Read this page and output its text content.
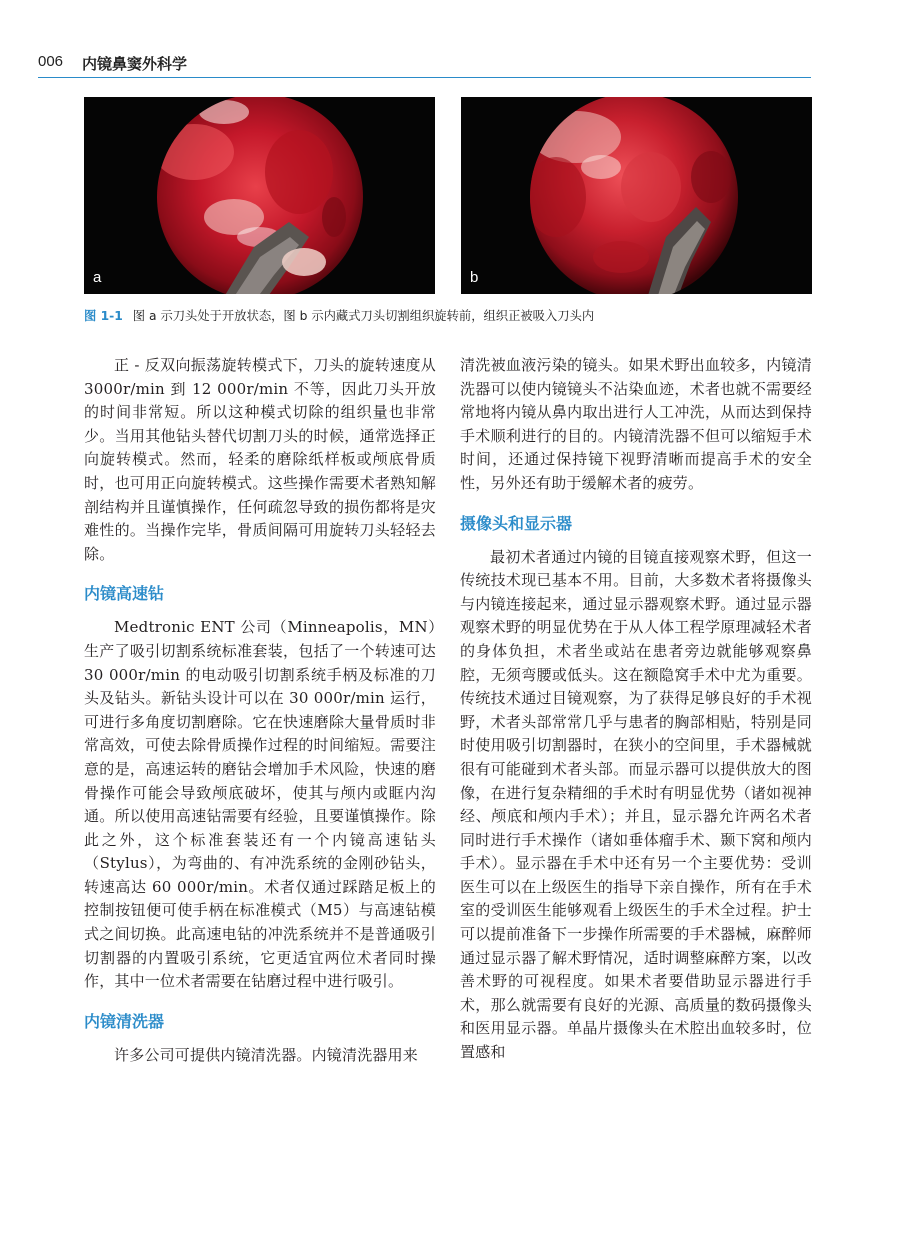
006 内镜鼻窦外科学
a	b
图 1-1 图 a 示刀头处于开放状态，图 b 示内藏式刀头切割组织旋转前，组织正被吸入刀头内

正 - 反双向振荡旋转模式下，刀头的旋转速度从 3000r/min 到 12 000r/min 不等，因此刀头开放的时间非常短。所以这种模式切除的组织量也非常少。当用其他钻头替代切割刀头的时候，通常选择正向旋转模式。然而，轻柔的磨除纸样板或颅底骨质时，也可用正向旋转模式。这些操作需要术者熟知解剖结构并且谨慎操作，任何疏忽导致的损伤都将是灾难性的。当操作完毕，骨质间隔可用旋转刀头轻轻去除。

内镜高速钻

Medtronic ENT 公司（Minneapolis，MN）生产了吸引切割系统标准套装，包括了一个转速可达 30 000r/min 的电动吸引切割系统手柄及标准的刀头及钻头。新钻头设计可以在 30 000r/min 运行，可进行多角度切割磨除。它在快速磨除大量骨质时非常高效，可使去除骨质操作过程的时间缩短。需要注意的是，高速运转的磨钻会增加手术风险，快速的磨骨操作可能会导致颅底破坏，使其与颅内或眶内沟通。所以使用高速钻需要有经验，且要谨慎操作。除此之外，这个标准套装还有一个内镜高速钻头（Stylus），为弯曲的、有冲洗系统的金刚砂钻头，转速高达 60 000r/min。术者仅通过踩踏足板上的控制按钮便可使手柄在标准模式（M5）与高速钻模式之间切换。此高速电钻的冲洗系统并不是普通吸引切割器的内置吸引系统，它更适宜两位术者同时操作，其中一位术者需要在钻磨过程中进行吸引。

内镜清洗器

许多公司可提供内镜清洗器。内镜清洗器用来

清洗被血液污染的镜头。如果术野出血较多，内镜清洗器可以使内镜镜头不沾染血迹，术者也就不需要经常地将内镜从鼻内取出进行人工冲洗，从而达到保持手术顺利进行的目的。内镜清洗器不但可以缩短手术时间，还通过保持镜下视野清晰而提高手术的安全性，另外还有助于缓解术者的疲劳。

摄像头和显示器

最初术者通过内镜的目镜直接观察术野，但这一传统技术现已基本不用。目前，大多数术者将摄像头与内镜连接起来，通过显示器观察术野。通过显示器观察术野的明显优势在于从人体工程学原理减轻术者的身体负担，术者坐或站在患者旁边就能够观察鼻腔，无须弯腰或低头。这在额隐窝手术中尤为重要。传统技术通过目镜观察，为了获得足够良好的手术视野，术者头部常常几乎与患者的胸部相贴，特别是同时使用吸引切割器时，在狭小的空间里，手术器械就很有可能碰到术者头部。而显示器可以提供放大的图像，在进行复杂精细的手术时有明显优势（诸如视神经、颅底和颅内手术）；并且，显示器允许两名术者同时进行手术操作（诸如垂体瘤手术、颞下窝和颅内手术）。显示器在手术中还有另一个主要优势：受训医生可以在上级医生的指导下亲自操作，所有在手术室的受训医生能够观看上级医生的手术全过程。护士可以提前准备下一步操作所需要的手术器械，麻醉师通过显示器了解术野情况，适时调整麻醉方案，以改善术野的可视程度。如果术者要借助显示器进行手术，那么就需要有良好的光源、高质量的数码摄像头和医用显示器。单晶片摄像头在术腔出血较多时，位置感和
